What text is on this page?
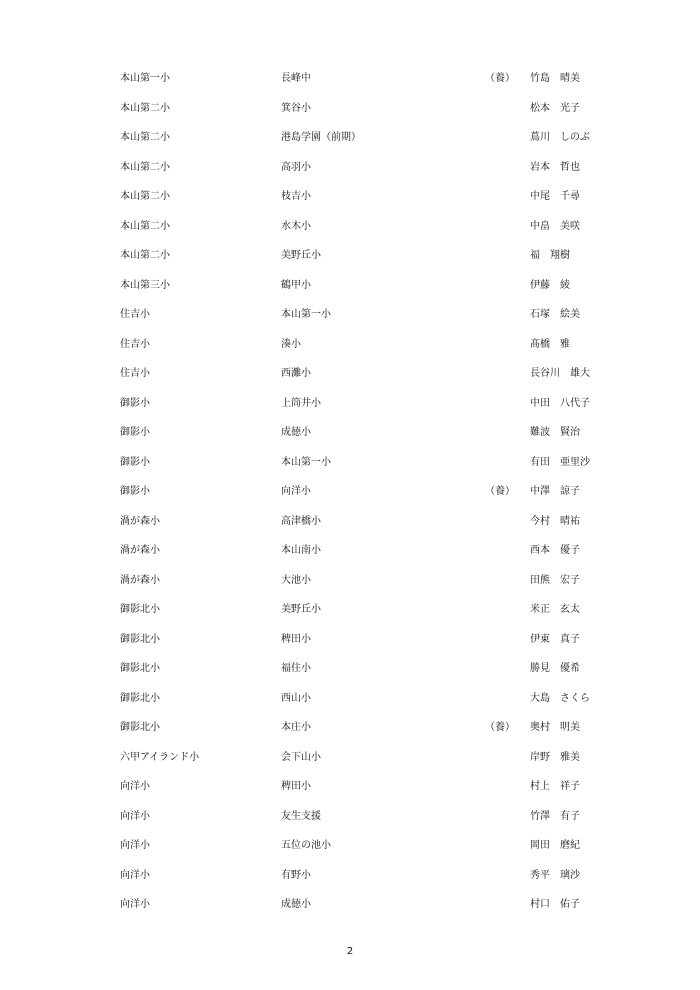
本山第一小	長峰中	（養） 竹島　晴美
本山第二小	箕谷小	松本　光子
本山第二小	港島学園（前期）	蔦川　しのぶ
本山第二小	高羽小	岩本　哲也
本山第二小	枝吉小	中尾　千尋
本山第二小	水木小	中畠　美咲
本山第二小	美野丘小	福　翔樹
本山第三小	鶴甲小	伊藤　綾
住吉小	本山第一小	石塚　絵美
住吉小	湊小	髙橋　雅
住吉小	西灘小	長谷川　雄大
御影小	上筒井小	中田　八代子
御影小	成徳小	難波　賢治
御影小	本山第一小	有田　亜里沙
御影小	向洋小	（養） 中澤　諒子
渦が森小	高津橋小	今村　晴祐
渦が森小	本山南小	西本　優子
渦が森小	大池小	田熊　宏子
御影北小	美野丘小	米正　玄太
御影北小	稗田小	伊東　真子
御影北小	福住小	勝見　優希
御影北小	西山小	大島　さくら
御影北小	本庄小	（養） 奥村　明美
六甲アイランド小	会下山小	岸野　雅美
向洋小	稗田小	村上　祥子
向洋小	友生支援	竹澤　有子
向洋小	五位の池小	岡田　磨紀
向洋小	有野小	秀平　璃沙
向洋小	成徳小	村口　佑子
2
